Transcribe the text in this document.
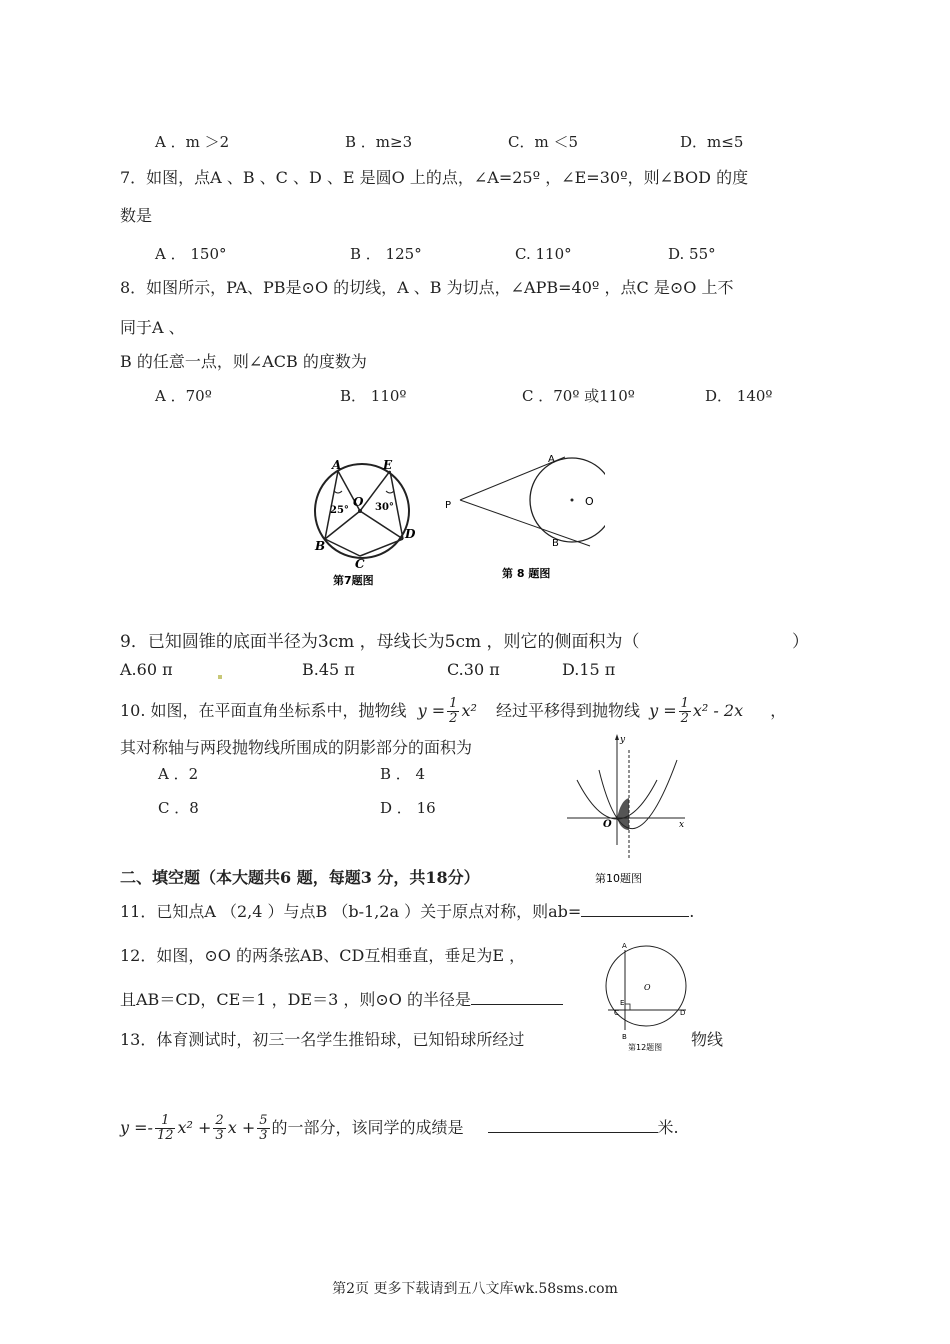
A ．m ＞2	B ．m≥3	C．m ＜5	D．m≤5
7．如图，点A 、B 、C 、D 、E 是圆O 上的点，∠A=25º ，∠E=30º，则∠BOD 的度
数是
A ． 150°	B ． 125°	C. 110°	D. 55°
8．如图所示，PA、PB是⊙O 的切线，A 、B 为切点，∠APB=40º ，点C 是⊙O 上不
同于A 、
B 的任意一点，则∠ACB 的度数为
A ．70º	B． 110º	C ．70º 或110º	D． 140º
A	E
O
25°	30°
B
D
C
第7题图
A
B
P	O
第 8 题图
9．已知圆锥的底面半径为3cm ，母线长为5cm ，则它的侧面积为（	）
A.60 π	B.45 π	C.30 π	D.15 π
10. 如图，在平面直角坐标系中，抛物线 $y = \frac{1}{2} x^2$ 经过平移得到抛物线 $y = \frac{1}{2} x^2 - 2x$ ，
其对称轴与两段抛物线所围成的阴影部分的面积为
A ．2	B ． 4
C ．8	D ． 16
y
x
O
第10题图
二、填空题（本大题共6 题，每题3 分，共18分）
11．已知点A （2,4 ）与点B （b-1,2a ）关于原点对称，则ab=	.
12．如图，⊙O 的两条弦AB、CD互相垂直，垂足为E ，
且AB＝CD，CE＝1 ，DE＝3 ，则⊙O 的半径是
A
B
C	D
E
O
第12题图
13．体育测试时，初三一名学生推铅球，已知铅球所经过	物线
$y =- \frac{1}{12} x^2 + \frac{2}{3}$ $x + \frac{5}{3}$ 的一部分，该同学的成绩是	米.
第2页 更多下载请到五八文库wk.58sms.com
